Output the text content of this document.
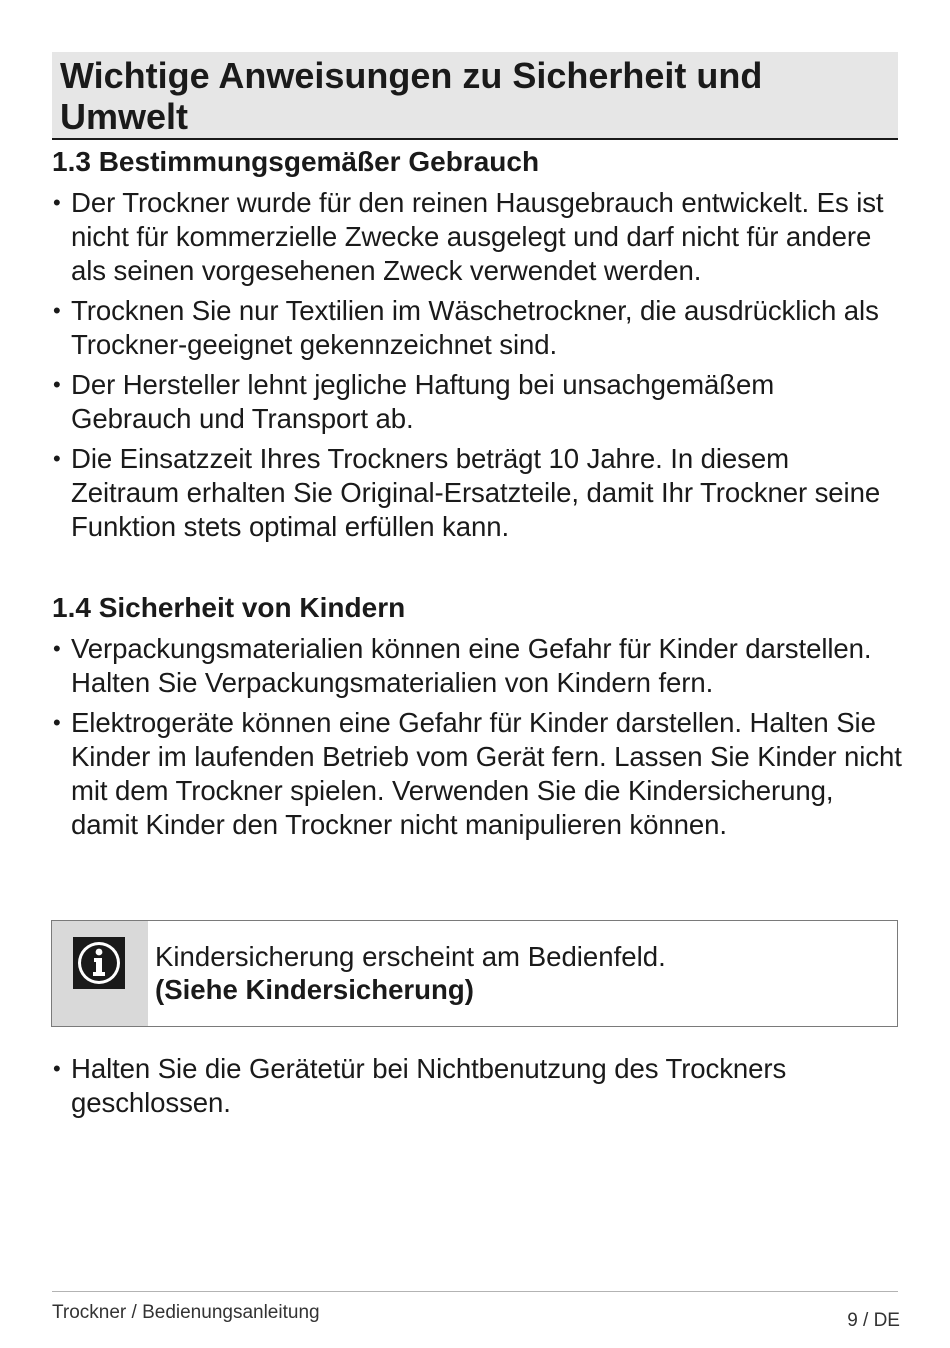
Wichtige Anweisungen zu Sicherheit und Umwelt
1.3 Bestimmungsgemäßer Gebrauch
• Der Trockner wurde für den reinen Hausgebrauch entwickelt. Es ist nicht für kommerzielle Zwecke ausgelegt und darf nicht für andere als seinen vorgesehenen Zweck verwendet werden.
• Trocknen Sie nur Textilien im Wäschetrockner, die ausdrücklich als Trockner-geeignet gekennzeichnet sind.
• Der Hersteller lehnt jegliche Haftung bei unsachgemäßem Gebrauch und Transport ab.
• Die Einsatzzeit Ihres Trockners beträgt 10 Jahre. In diesem Zeitraum erhalten Sie Original-Ersatzteile, damit Ihr Trockner seine Funktion stets optimal erfüllen kann.
1.4 Sicherheit von Kindern
• Verpackungsmaterialien können eine Gefahr für Kinder darstellen. Halten Sie Verpackungsmaterialien von Kindern fern.
• Elektrogeräte können eine Gefahr für Kinder darstellen. Halten Sie Kinder im laufenden Betrieb vom Gerät fern. Lassen Sie Kinder nicht mit dem Trockner spielen. Verwenden Sie die Kindersicherung, damit Kinder den Trockner nicht manipulieren können.
Kindersicherung erscheint am Bedienfeld.
(Siehe Kindersicherung)
• Halten Sie die Gerätetür bei Nichtbenutzung des Trockners geschlossen.
Trockner / Bedienungsanleitung	9 / DE
